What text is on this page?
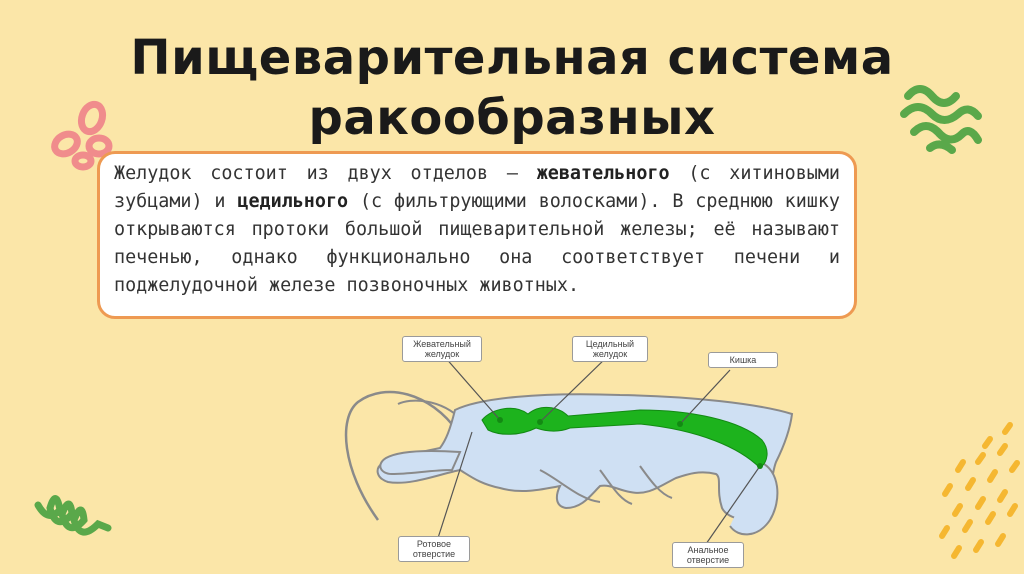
Пищеварительная система
ракообразных
Желудок состоит из двух отделов — жевательного (с хитиновыми зубцами) и цедильного (с фильтрующими волосками). В среднюю кишку открываются протоки большой пищеварительной железы; её называют печенью, однако функционально она соответствует печени и поджелудочной железе позвоночных животных.
Жевательный
желудок
Цедильный
желудок
Кишка
Ротовое
отверстие	Анальное
отверстие
